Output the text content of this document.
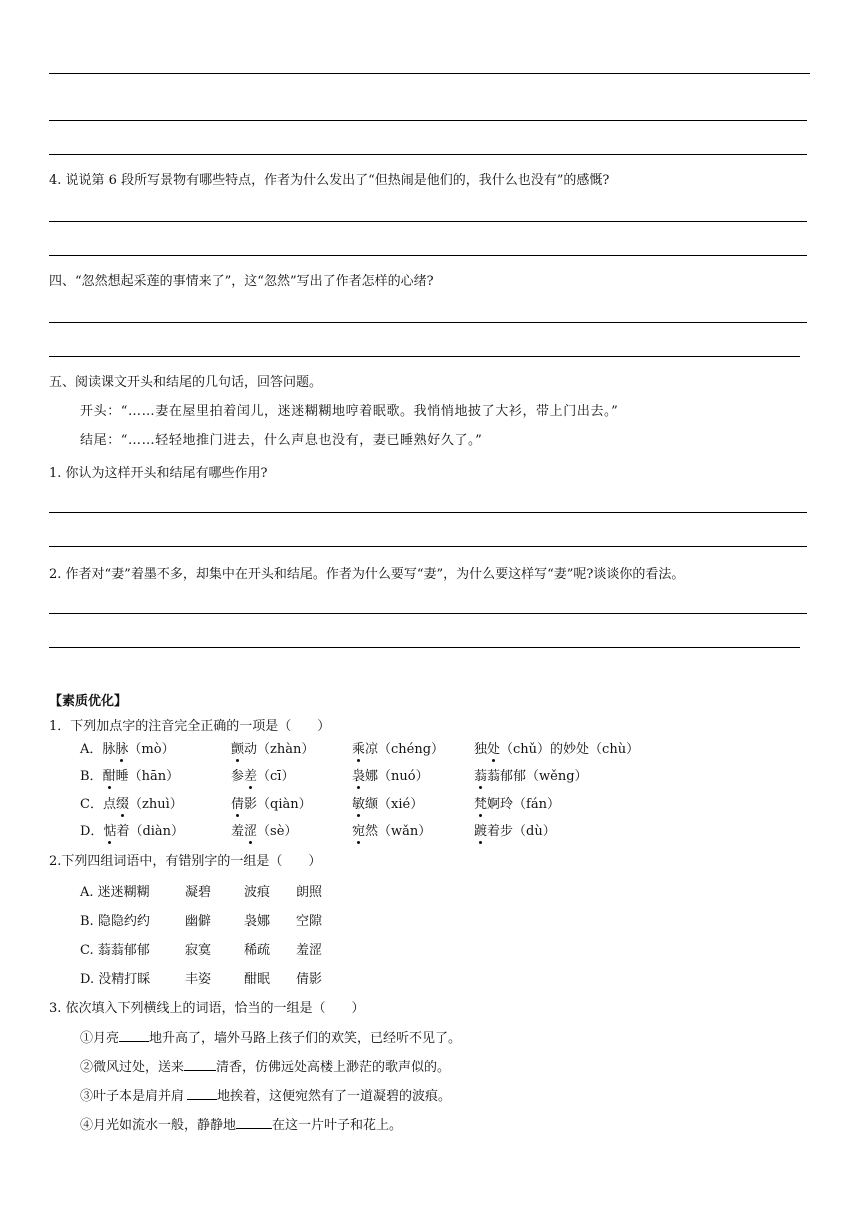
4. 说说第 6 段所写景物有哪些特点，作者为什么发出了“但热闹是他们的，我什么也没有”的感慨?
四、“忽然想起采莲的事情来了”，这“忽然”写出了作者怎样的心绪?
五、阅读课文开头和结尾的几句话，回答问题。
开头：“……妻在屋里拍着闰儿，迷迷糊糊地哼着眠歌。我悄悄地披了大衫，带上门出去。”
结尾：“……轻轻地推门进去，什么声息也没有，妻已睡熟好久了。”
1. 你认为这样开头和结尾有哪些作用?
2. 作者对“妻”着墨不多，却集中在开头和结尾。作者为什么要写“妻”，为什么要这样写“妻”呢?谈谈你的看法。
【素质优化】
1．下列加点字的注音完全正确的一项是（　　）
A．脉脉（mò）	颤动（zhàn）	乘凉（chéng） 独处（chǔ）的妙处（chù）
B．酣睡（hān）	参差（cī）	袅娜（nuó）	蓊蓊郁郁（wěng）
C．点缀（zhuì）	倩影（qiàn）	敏缬（xié）	梵婀玲（fán）
D．惦着（diàn）	羞涩（sè）	宛然（wǎn）	踱着步（dù）
2.下列四组词语中，有错别字的一组是（　　）
A. 迷迷糊糊	凝碧	波痕 朗照
B. 隐隐约约	幽僻	袅娜 空隙
C. 蓊蓊郁郁	寂寞	稀疏 羞涩
D. 没精打睬	丰姿	酣眠 倩影
3. 依次填入下列横线上的词语，恰当的一组是（　　）
①月亮 地升高了，墙外马路上孩子们的欢笑，已经听不见了。
②微风过处，送来 清香，仿佛远处高楼上渺茫的歌声似的。
③叶子本是肩并肩	地挨着，这便宛然有了一道凝碧的波痕。
④月光如流水一般，静静地	在这一片叶子和花上。
